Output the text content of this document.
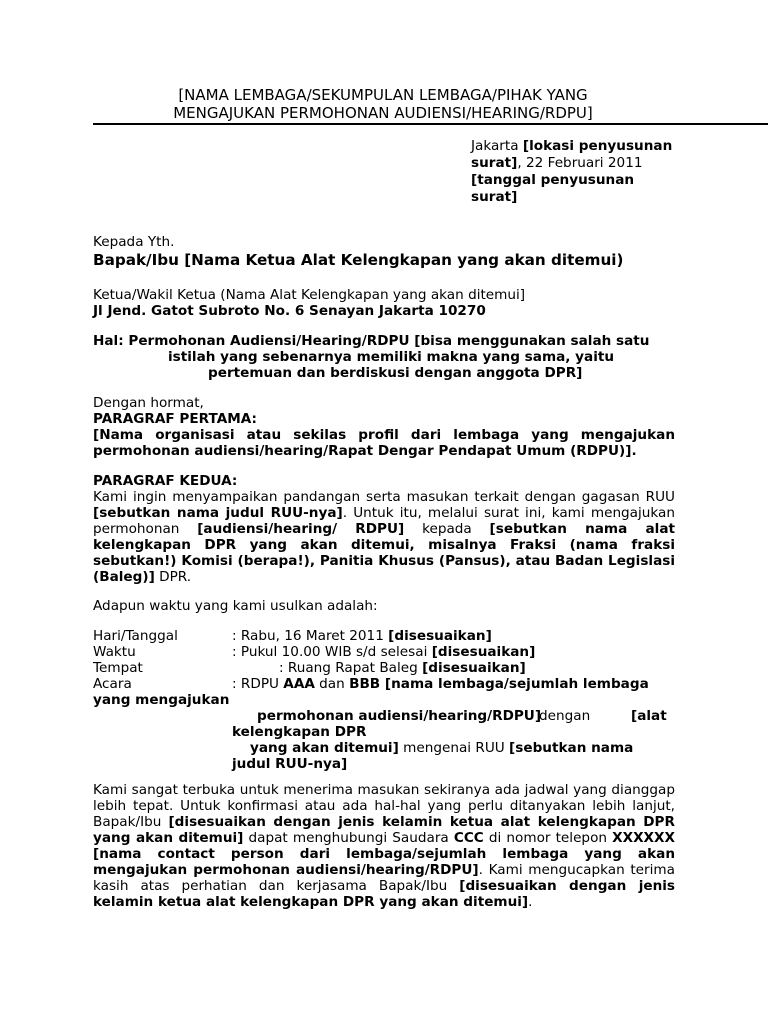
[NAMA LEMBAGA/SEKUMPULAN LEMBAGA/PIHAK YANG
MENGAJUKAN PERMOHONAN AUDIENSI/HEARING/RDPU]
Jakarta [lokasi penyusunan surat], 22 Februari 2011 [tanggal penyusunan surat]
Kepada Yth.
Bapak/Ibu [Nama Ketua Alat Kelengkapan yang akan ditemui)
Ketua/Wakil Ketua (Nama Alat Kelengkapan yang akan ditemui]
Jl Jend. Gatot Subroto No. 6 Senayan Jakarta 10270
Hal: Permohonan Audiensi/Hearing/RDPU [bisa menggunakan salah satu
istilah yang sebenarnya memiliki makna yang sama, yaitu
pertemuan dan berdiskusi dengan anggota DPR]
Dengan hormat,
PARAGRAF PERTAMA:
[Nama organisasi atau sekilas profil dari lembaga yang mengajukan
permohonan audiensi/hearing/Rapat Dengar Pendapat Umum (RDPU)].
PARAGRAF KEDUA:
Kami ingin menyampaikan pandangan serta masukan terkait dengan gagasan RUU [sebutkan nama judul RUU-nya]. Untuk itu, melalui surat ini, kami mengajukan permohonan [audiensi/hearing/ RDPU] kepada [sebutkan nama alat kelengkapan DPR yang akan ditemui, misalnya Fraksi (nama fraksi sebutkan!) Komisi (berapa!), Panitia Khusus (Pansus), atau Badan Legislasi (Baleg)] DPR.
Adapun waktu yang kami usulkan adalah:
Hari/Tanggal	: Rabu, 16 Maret 2011 [disesuaikan]
Waktu	: Pukul 10.00 WIB s/d selesai [disesuaikan]
Tempat	: Ruang Rapat Baleg [disesuaikan]
Acara	: RDPU AAA dan BBB [nama lembaga/sejumlah lembaga
yang mengajukan
permohonan audiensi/hearing/RDPU]
dengan	[alat
kelengkapan DPR
yang akan ditemui] mengenai RUU [sebutkan nama
judul RUU-nya]
Kami sangat terbuka untuk menerima masukan sekiranya ada jadwal yang dianggap lebih tepat. Untuk konfirmasi atau ada hal-hal yang perlu ditanyakan lebih lanjut, Bapak/Ibu [disesuaikan dengan jenis kelamin ketua alat kelengkapan DPR yang akan ditemui] dapat menghubungi Saudara CCC di nomor telepon XXXXXX [nama contact person dari lembaga/sejumlah lembaga yang akan mengajukan permohonan audiensi/hearing/RDPU]. Kami mengucapkan terima kasih atas perhatian dan kerjasama Bapak/Ibu [disesuaikan dengan jenis kelamin ketua alat kelengkapan DPR yang akan ditemui].
